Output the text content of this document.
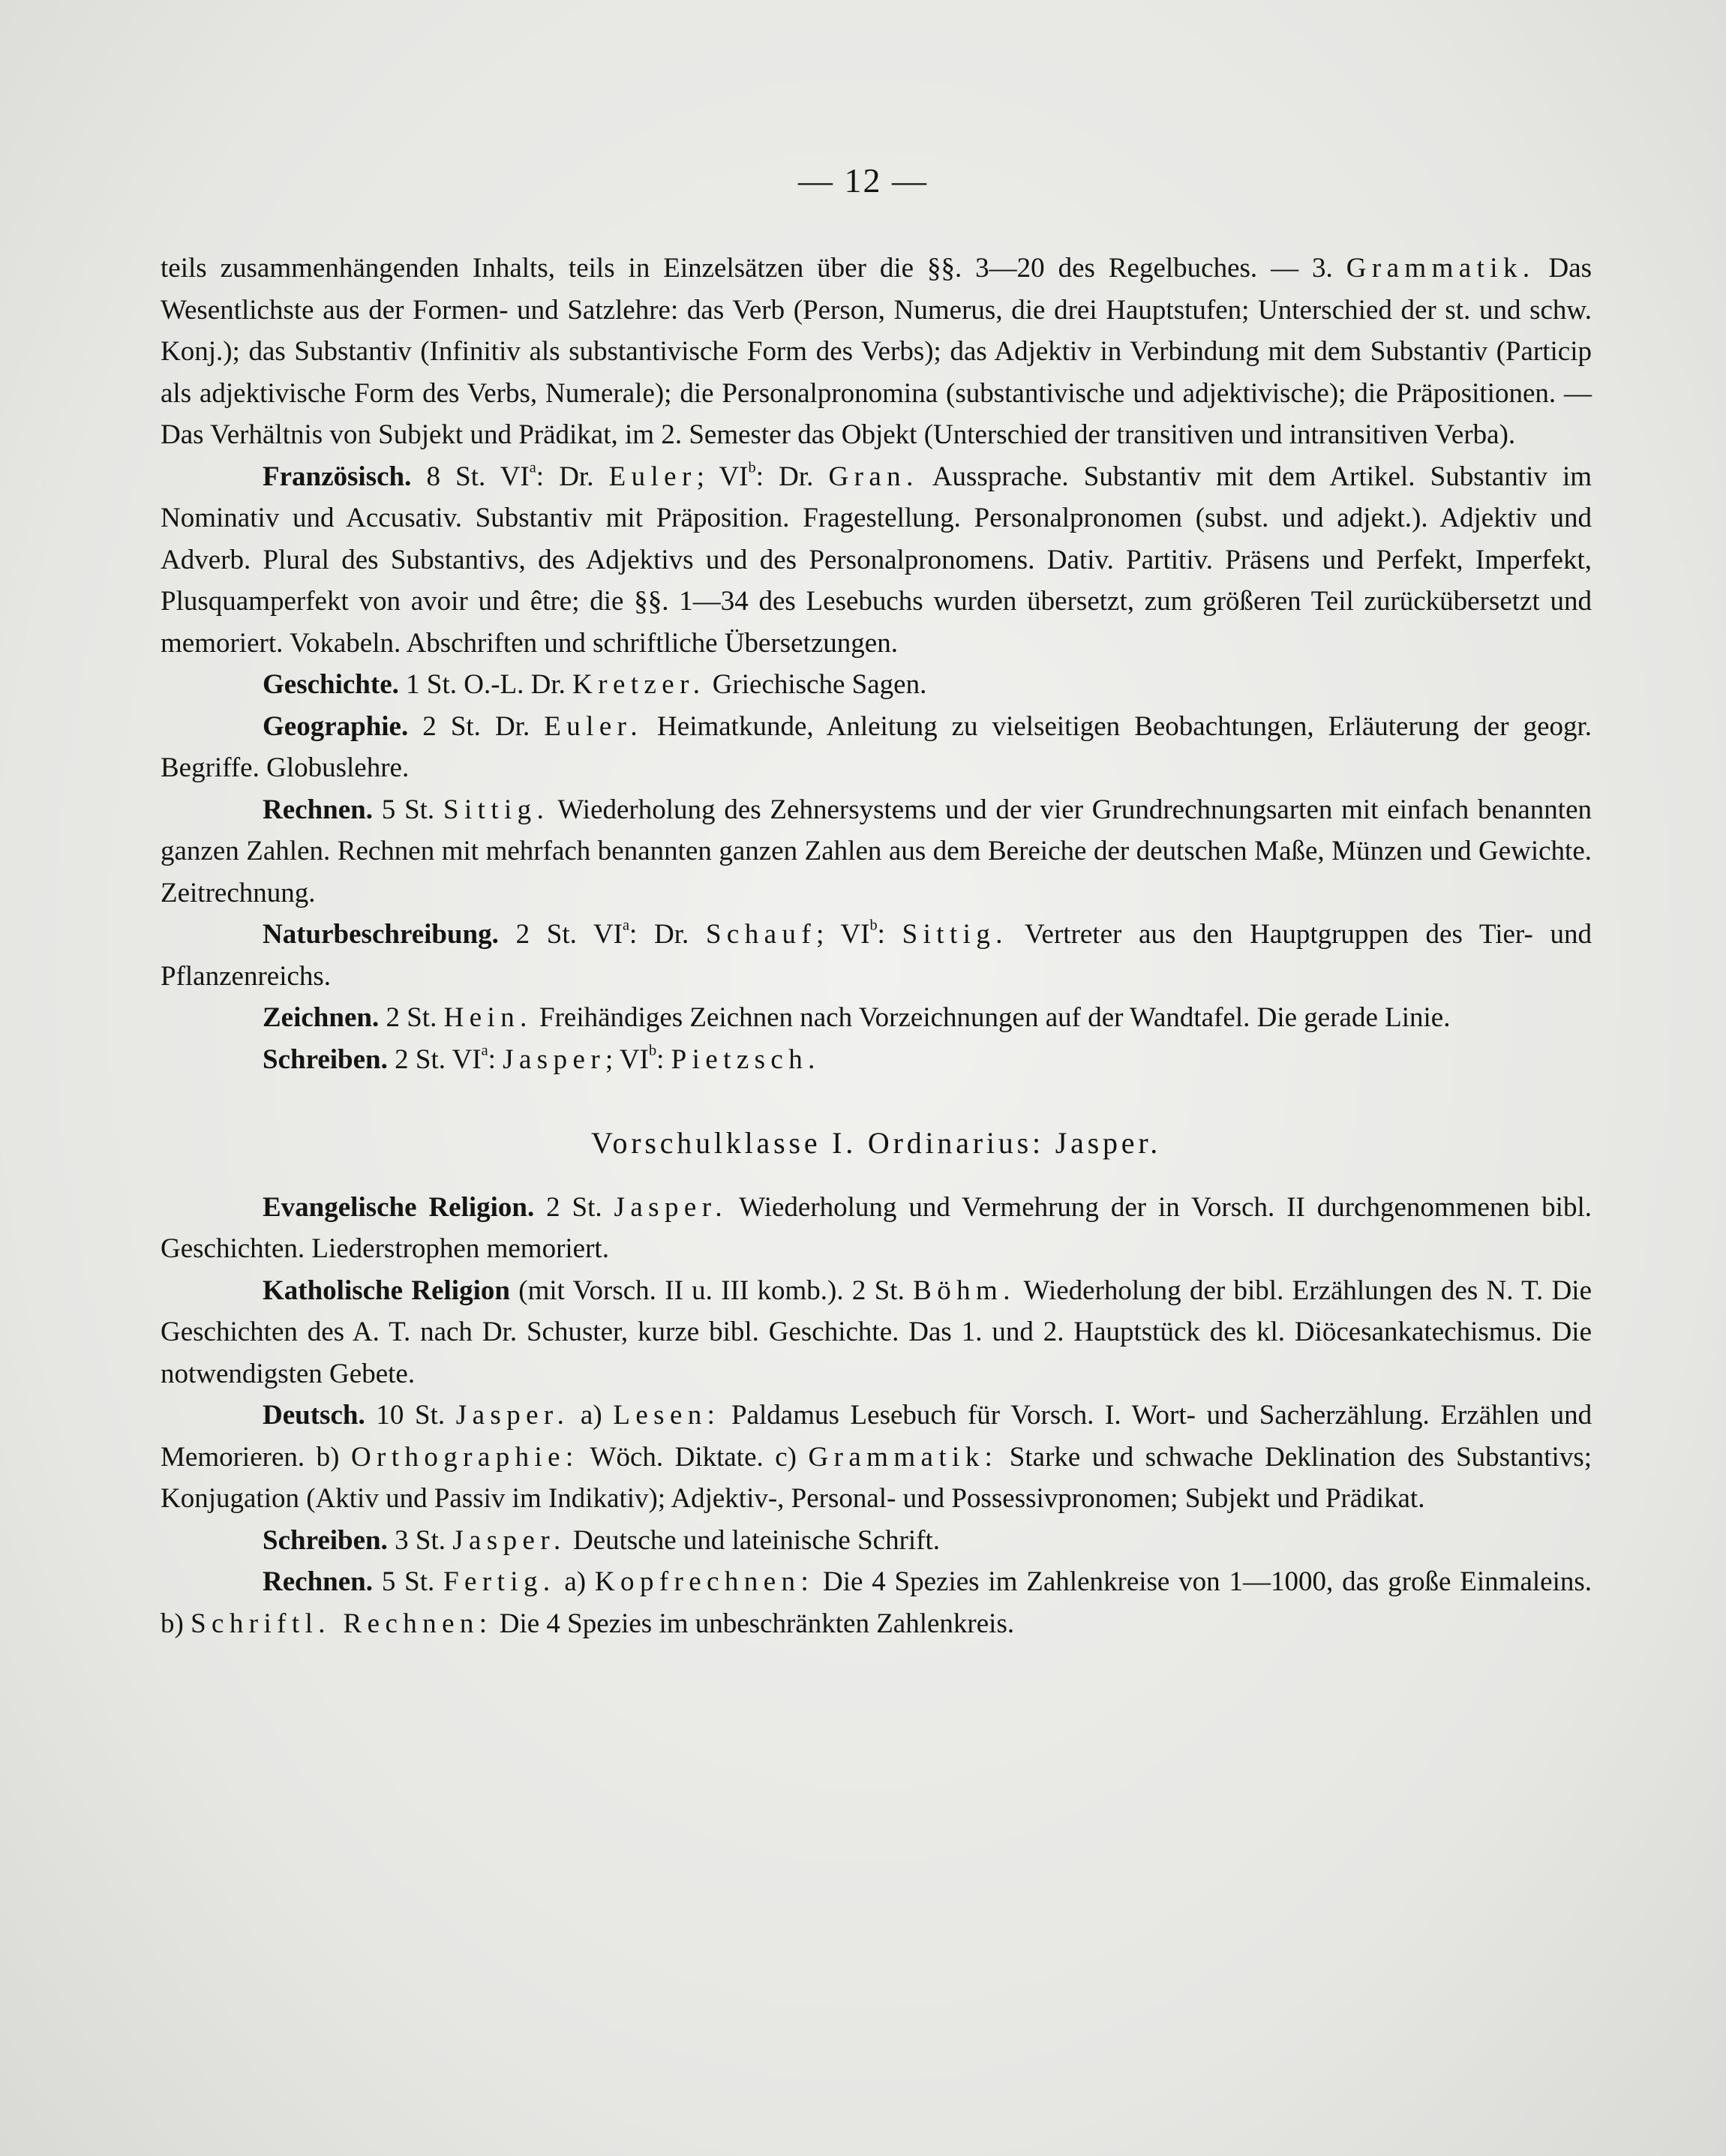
— 12 —

teils zusammenhängenden Inhalts, teils in Einzelsätzen über die §§. 3—20 des Regelbuches. — 3. Grammatik. Das Wesentlichste aus der Formen- und Satzlehre: das Verb (Person, Numerus, die drei Hauptstufen; Unterschied der st. und schw. Konj.); das Substantiv (Infinitiv als substantivische Form des Verbs); das Adjektiv in Verbindung mit dem Substantiv (Particip als adjektivische Form des Verbs, Numerale); die Personalpronomina (substantivische und adjektivische); die Präpositionen. — Das Verhältnis von Subjekt und Prädikat, im 2. Semester das Objekt (Unterschied der transitiven und intransitiven Verba).

Französisch. 8 St. $VI^a$: Dr. Euler; $VI^b$: Dr. Gran. Aussprache. Substantiv mit dem Artikel. Substantiv im Nominativ und Accusativ. Substantiv mit Präposition. Fragestellung. Personalpronomen (subst. und adjekt.). Adjektiv und Adverb. Plural des Substantivs, des Adjektivs und des Personalpronomens. Dativ. Partitiv. Präsens und Perfekt, Imperfekt, Plusquamperfekt von avoir und être; die §§. 1—34 des Lesebuchs wurden übersetzt, zum größeren Teil zurückübersetzt und memoriert. Vokabeln. Abschriften und schriftliche Übersetzungen.

Geschichte. 1 St. O.-L. Dr. Kretzer. Griechische Sagen.

Geographie. 2 St. Dr. Euler. Heimatkunde, Anleitung zu vielseitigen Beobachtungen, Erläuterung der geogr. Begriffe. Globuslehre.

Rechnen. 5 St. Sittig. Wiederholung des Zehnersystems und der vier Grundrechnungsarten mit einfach benannten ganzen Zahlen. Rechnen mit mehrfach benannten ganzen Zahlen aus dem Bereiche der deutschen Maße, Münzen und Gewichte. Zeitrechnung.

Naturbeschreibung. 2 St. $VI^a$: Dr. Schauf; $VI^b$: Sittig. Vertreter aus den Hauptgruppen des Tier- und Pflanzenreichs.

Zeichnen. 2 St. Hein. Freihändiges Zeichnen nach Vorzeichnungen auf der Wandtafel. Die gerade Linie.

Schreiben. 2 St. $VI^a$: Jasper; $VI^b$: Pietzsch.

Vorschulklasse I. Ordinarius: Jasper.

Evangelische Religion. 2 St. Jasper. Wiederholung und Vermehrung der in Vorsch. II durchgenommenen bibl. Geschichten. Liederstrophen memoriert.

Katholische Religion (mit Vorsch. II u. III komb.). 2 St. Böhm. Wiederholung der bibl. Erzählungen des N. T. Die Geschichten des A. T. nach Dr. Schuster, kurze bibl. Geschichte. Das 1. und 2. Hauptstück des kl. Diöcesankatechismus. Die notwendigsten Gebete.

Deutsch. 10 St. Jasper. a) Lesen: Paldamus Lesebuch für Vorsch. I. Wort- und Sacherzählung. Erzählen und Memorieren. b) Orthographie: Wöch. Diktate. c) Grammatik: Starke und schwache Deklination des Substantivs; Konjugation (Aktiv und Passiv im Indikativ); Adjektiv-, Personal- und Possessivpronomen; Subjekt und Prädikat.

Schreiben. 3 St. Jasper. Deutsche und lateinische Schrift.

Rechnen. 5 St. Fertig. a) Kopfrechnen: Die 4 Spezies im Zahlenkreise von 1—1000, das große Einmaleins. b) Schriftl. Rechnen: Die 4 Spezies im unbeschränkten Zahlenkreis.
